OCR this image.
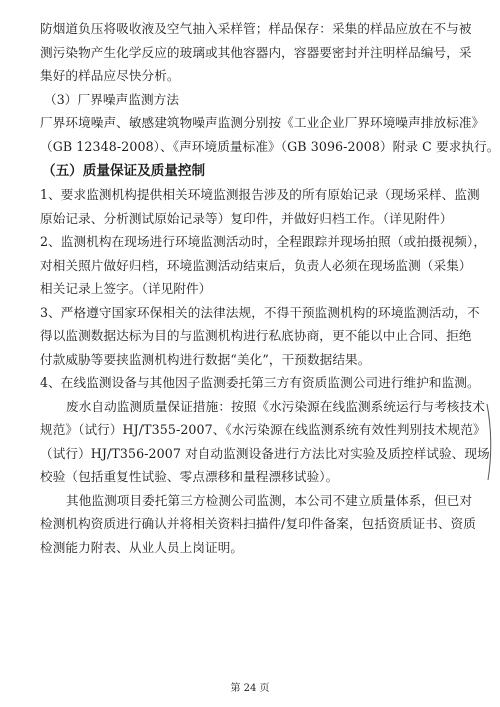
防烟道负压将吸收液及空气抽入采样管；样品保存：采集的样品应放在不与被
测污染物产生化学反应的玻璃或其他容器内，容器要密封并注明样品编号，采
集好的样品应尽快分析。
（3）厂界噪声监测方法
厂界环境噪声、敏感建筑物噪声监测分别按《工业企业厂界环境噪声排放标准》
（GB 12348-2008）、《声环境质量标准》（GB 3096-2008）附录 C 要求执行。
（五）质量保证及质量控制
1、要求监测机构提供相关环境监测报告涉及的所有原始记录（现场采样、监测
原始记录、分析测试原始记录等）复印件，并做好归档工作。（详见附件）
2、监测机构在现场进行环境监测活动时，全程跟踪并现场拍照（或拍摄视频），
对相关照片做好归档，环境监测活动结束后，负责人必须在现场监测（采集）
相关记录上签字。（详见附件）
3、严格遵守国家环保相关的法律法规，不得干预监测机构的环境监测活动，不
得以监测数据达标为目的与监测机构进行私底协商，更不能以中止合同、拒绝
付款威胁等要挟监测机构进行数据“美化”，干预数据结果。
4、在线监测设备与其他因子监测委托第三方有资质监测公司进行维护和监测。
废水自动监测质量保证措施：按照《水污染源在线监测系统运行与考核技术
规范》（试行）HJ/T355-2007、《水污染源在线监测系统有效性判别技术规范》
（试行）HJ/T356-2007 对自动监测设备进行方法比对实验及质控样试验、现场
校验（包括重复性试验、零点漂移和量程漂移试验）。
其他监测项目委托第三方检测公司监测，本公司不建立质量体系，但已对
检测机构资质进行确认并将相关资料扫描件/复印件备案，包括资质证书、资质
检测能力附表、从业人员上岗证明。
第 24 页
